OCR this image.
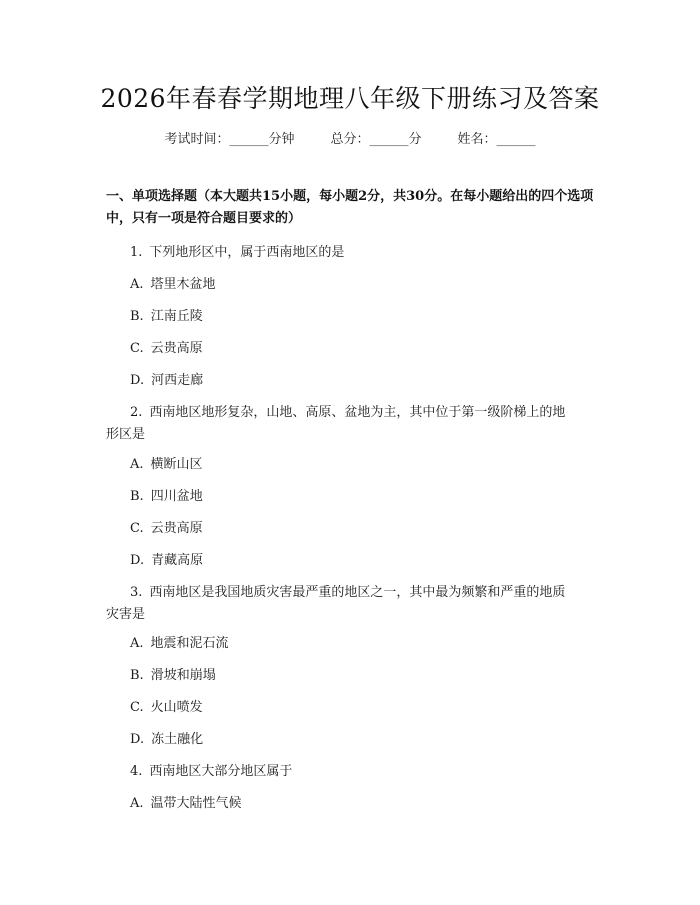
2026年春春学期地理八年级下册练习及答案
考试时间：______分钟	总分：______分	姓名：______
一、单项选择题（本大题共15小题，每小题2分，共30分。在每小题给出的四个选项中，只有一项是符合题目要求的）
1. 下列地形区中，属于西南地区的是
A. 塔里木盆地
B. 江南丘陵
C. 云贵高原
D. 河西走廊
2. 西南地区地形复杂，山地、高原、盆地为主，其中位于第一级阶梯上的地
形区是
A. 横断山区
B. 四川盆地
C. 云贵高原
D. 青藏高原
3. 西南地区是我国地质灾害最严重的地区之一，其中最为频繁和严重的地质
灾害是
A. 地震和泥石流
B. 滑坡和崩塌
C. 火山喷发
D. 冻土融化
4. 西南地区大部分地区属于
A. 温带大陆性气候
